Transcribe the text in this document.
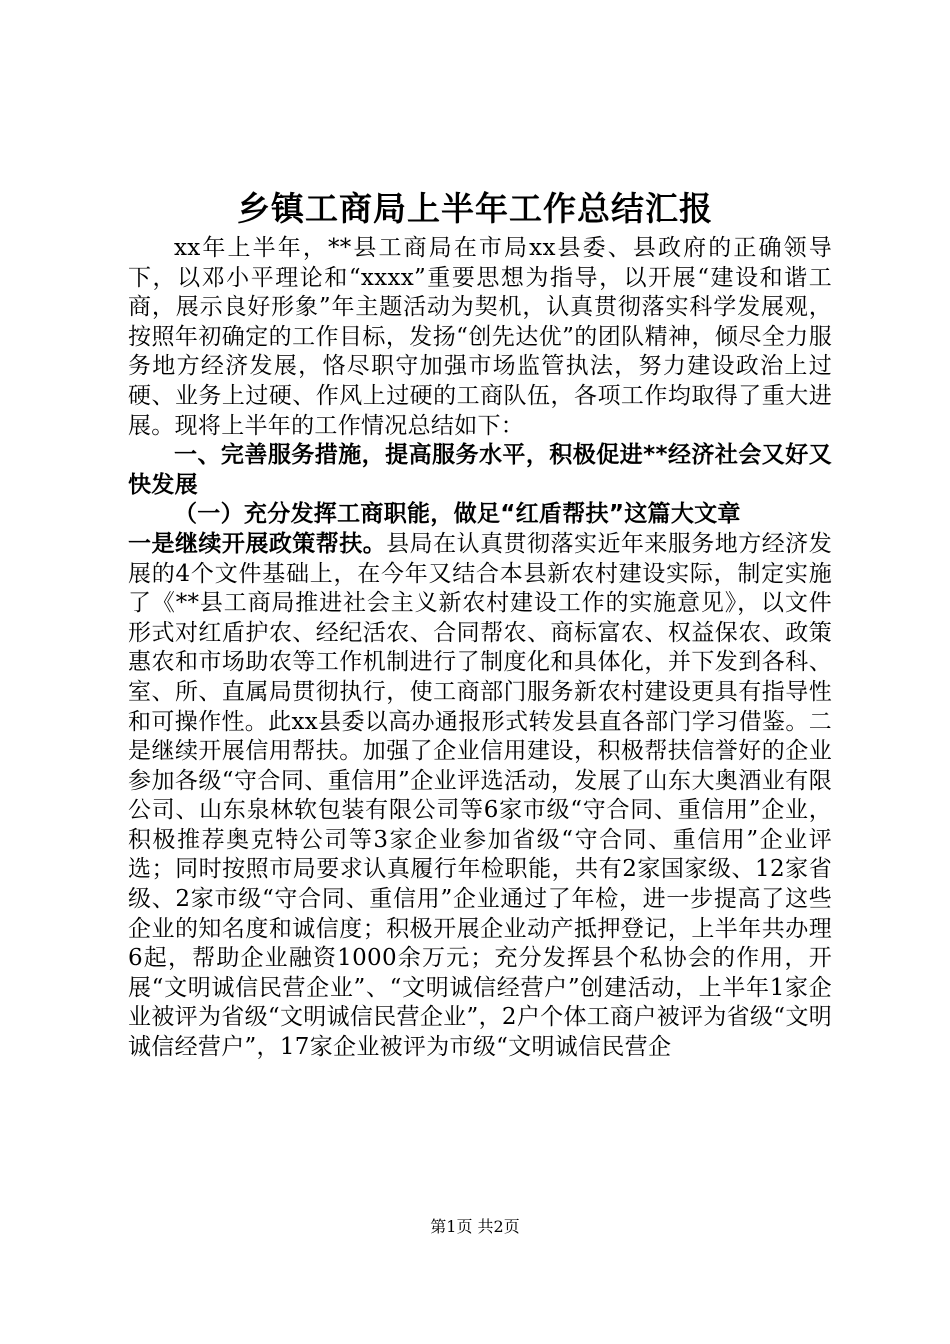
乡镇工商局上半年工作总结汇报

xx年上半年，**县工商局在市局xx县委、县政府的正确领导下，以邓小平理论和“xxxx”重要思想为指导，以开展“建设和谐工商，展示良好形象”年主题活动为契机，认真贯彻落实科学发展观，按照年初确定的工作目标，发扬“创先达优”的团队精神，倾尽全力服务地方经济发展，恪尽职守加强市场监管执法，努力建设政治上过硬、业务上过硬、作风上过硬的工商队伍，各项工作均取得了重大进展。现将上半年的工作情况总结如下：

一、完善服务措施，提高服务水平，积极促进**经济社会又好又快发展

（一）充分发挥工商职能，做足“红盾帮扶”这篇大文章

一是继续开展政策帮扶。县局在认真贯彻落实近年来服务地方经济发展的4个文件基础上，在今年又结合本县新农村建设实际，制定实施了《**县工商局推进社会主义新农村建设工作的实施意见》，以文件形式对红盾护农、经纪活农、合同帮农、商标富农、权益保农、政策惠农和市场助农等工作机制进行了制度化和具体化，并下发到各科、室、所、直属局贯彻执行，使工商部门服务新农村建设更具有指导性和可操作性。此xx县委以高办通报形式转发县直各部门学习借鉴。二是继续开展信用帮扶。加强了企业信用建设，积极帮扶信誉好的企业参加各级“守合同、重信用”企业评选活动，发展了山东大奥酒业有限公司、山东泉林软包装有限公司等6家市级“守合同、重信用”企业，积极推荐奥克特公司等3家企业参加省级“守合同、重信用”企业评选；同时按照市局要求认真履行年检职能，共有2家国家级、12家省级、2家市级“守合同、重信用”企业通过了年检，进一步提高了这些企业的知名度和诚信度；积极开展企业动产抵押登记，上半年共办理6起，帮助企业融资1000余万元；充分发挥县个私协会的作用，开展“文明诚信民营企业”、“文明诚信经营户”创建活动，上半年1家企业被评为省级“文明诚信民营企业”，2户个体工商户被评为省级“文明诚信经营户”，17家企业被评为市级“文明诚信民营企

第1页 共2页
